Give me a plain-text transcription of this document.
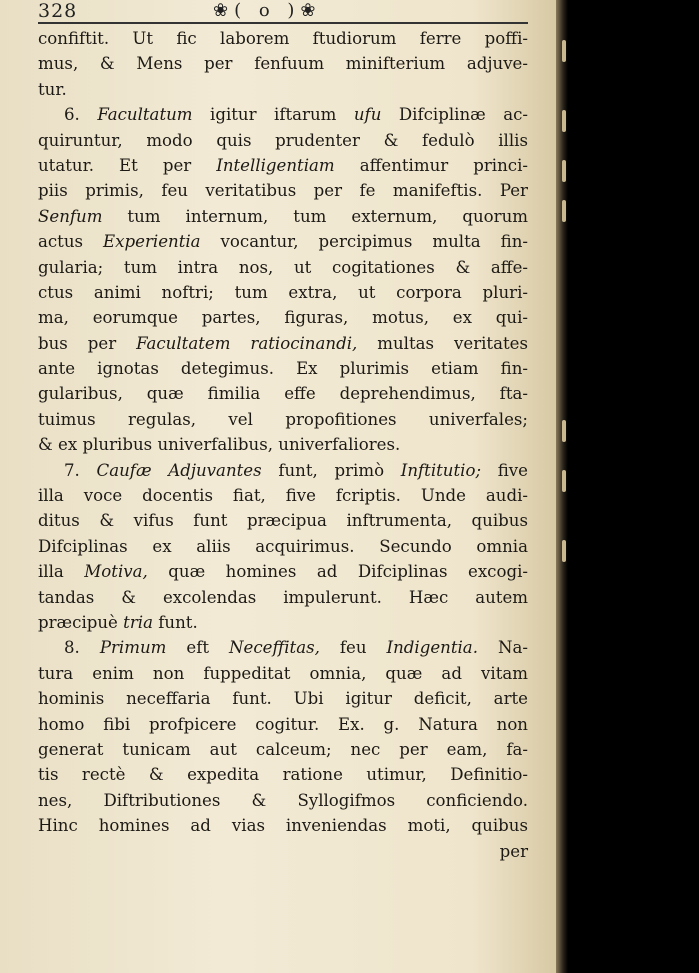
328	❀( o )❀
confiftit. Ut fic laborem ftudiorum ferre poffi-
mus, & Mens per fenfuum minifterium adjuve-
tur.
6. Facultatum igitur iftarum ufu Difciplinæ ac-
quiruntur, modo quis prudenter & fedulò illis
utatur. Et per Intelligentiam affentimur princi-
piis primis, feu veritatibus per fe manifeftis. Per
Senfum tum internum, tum externum, quorum
actus Experientia vocantur, percipimus multa fin-
gularia; tum intra nos, ut cogitationes & affe-
ctus animi noftri; tum extra, ut corpora pluri-
ma, eorumque partes, figuras, motus, ex qui-
bus per Facultatem ratiocinandi, multas veritates
ante ignotas detegimus. Ex plurimis etiam fin-
gularibus, quæ fimilia effe deprehendimus, fta-
tuimus regulas, vel propofitiones univerfales;
& ex pluribus univerfalibus, univerfaliores.
7. Caufæ Adjuvantes funt, primò Inftitutio; five
illa voce docentis fiat, five fcriptis. Unde audi-
ditus & vifus funt præcipua inftrumenta, quibus
Difciplinas ex aliis acquirimus. Secundo omnia
illa Motiva, quæ homines ad Difciplinas excogi-
tandas & excolendas impulerunt. Hæc autem
præcipuè tria funt.
8. Primum eft Neceffitas, feu Indigentia. Na-
tura enim non fuppeditat omnia, quæ ad vitam
hominis neceffaria funt. Ubi igitur deficit, arte
homo fibi profpicere cogitur. Ex. g. Natura non
generat tunicam aut calceum; nec per eam, fa-
tis rectè & expedita ratione utimur, Definitio-
nes, Diftributiones & Syllogifmos conficiendo.
Hinc homines ad vias inveniendas moti, quibus
per
